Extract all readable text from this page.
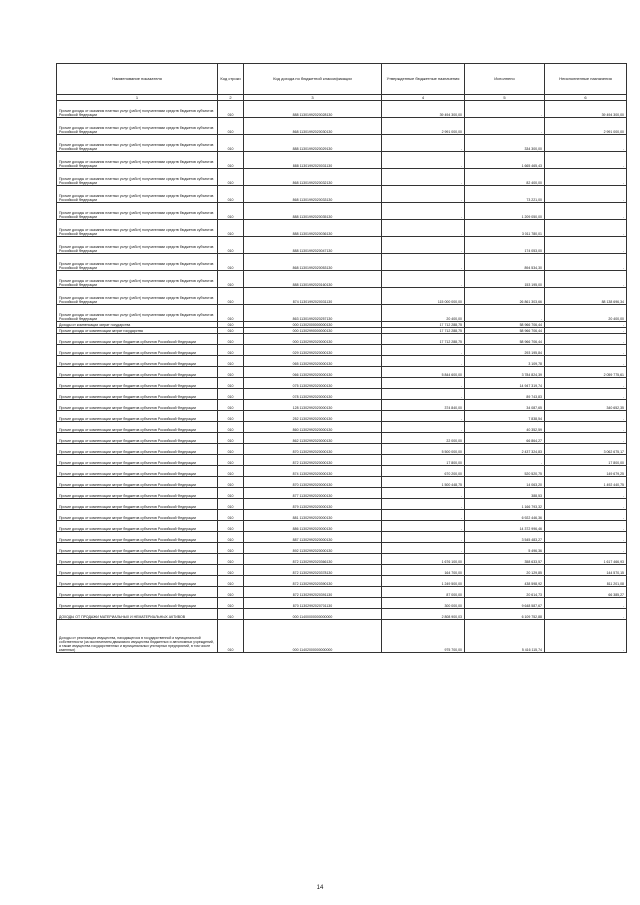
Наименование показателя	Код строки	Код дохода по бюджетной классификации	Утвержденные бюджетные назначения	Исполнено	Неисполненные назначения
1	2	3	4	5	6
Прочие доходы от оказания платных услуг (работ) получателями средств бюджетов субъектов Российской Федерации	010	888 11301992020028130	39 494 300,00	-	39 494 300,00
Прочие доходы от оказания платных услуг (работ) получателями средств бюджетов субъектов Российской Федерации	010	868 11301992020030130	2 991 000,00	-	2 991 000,00
Прочие доходы от оказания платных услуг (работ) получателями средств бюджетов субъектов Российской Федерации	010	888 11301992020029130	-	334 300,00	-
Прочие доходы от оказания платных услуг (работ) получателями средств бюджетов субъектов Российской Федерации	010	888 11301992020031130	-	1 665 465,43	-
Прочие доходы от оказания платных услуг (работ) получателями средств бюджетов субъектов Российской Федерации	010	868 11301992020032130	-	82 400,00	-
Прочие доходы от оказания платных услуг (работ) получателями средств бюджетов субъектов Российской Федерации	010	868 11301992020033130	-	73 221,00	-
Прочие доходы от оказания платных услуг (работ) получателями средств бюджетов субъектов Российской Федерации	010	888 11301992020035130	-	1 209 050,00	-
Прочие доходы от оказания платных услуг (работ) получателями средств бюджетов субъектов Российской Федерации	010	888 11301992020036130	-	3 011 780,01	-
Прочие доходы от оказания платных услуг (работ) получателями средств бюджетов субъектов Российской Федерации	010	888 11301992020047130	-	174 053,00	-
Прочие доходы от оказания платных услуг (работ) получателями средств бюджетов субъектов Российской Федерации	010	868 11301992020053130	-	894 534,30	-
Прочие доходы от оказания платных услуг (работ) получателями средств бюджетов субъектов Российской Федерации	010	888 11301992020160130	-	153 195,00	-
Прочие доходы от оказания платных услуг (работ) получателями средств бюджетов субъектов Российской Федерации	010	874 11301992020031130	115 000 000,00	26 861 303,66	88 138 696,34
Прочие доходы от оказания платных услуг (работ) получателями средств бюджетов субъектов Российской Федерации	010	863 11301992020257130	20 400,00	-	20 400,00
Доходы от компенсации затрат государства	010	000 11302000000000130	17 712 288,75	58 966 706,44	-
Прочие доходы от компенсации затрат государства	010	000 11302990000000130	17 712 288,75	58 966 706,44	-
Прочие доходы от компенсации затрат бюджетов субъектов Российской Федерации	010	000 11302992020000130	17 712 288,75	58 966 706,44	-
Прочие доходы от компенсации затрат бюджетов субъектов Российской Федерации	010	029 11302992020000130	-	293 195,84	-
Прочие доходы от компенсации затрат бюджетов субъектов Российской Федерации	010	065 11302992020000130	-	3 109,78	-
Прочие доходы от компенсации затрат бюджетов субъектов Российской Федерации	010	066 11302992020000130	5 844 600,00	3 784 824,39	2 059 775,61
Прочие доходы от компенсации затрат бюджетов субъектов Российской Федерации	010	075 11302992020000130	-	14 947 319,74	-
Прочие доходы от компенсации затрат бюджетов субъектов Российской Федерации	010	078 11302992020000130	-	89 743,83	-
Прочие доходы от компенсации затрат бюджетов субъектов Российской Федерации	010	128 11302992020000130	374 840,00	34 087,65	340 652,35
Прочие доходы от компенсации затрат бюджетов субъектов Российской Федерации	010	252 11302992020000130	-	7 838,54	-
Прочие доходы от компенсации затрат бюджетов субъектов Российской Федерации	010	860 11302992020000130	-	40 352,59	-
Прочие доходы от компенсации затрат бюджетов субъектов Российской Федерации	010	862 11302992020000130	22 000,00	66 864,27	-
Прочие доходы от компенсации затрат бюджетов субъектов Российской Федерации	010	870 11302992020000130	5 500 000,00	2 437 324,83	3 062 675,17
Прочие доходы от компенсации затрат бюджетов субъектов Российской Федерации	010	872 11302992020000130	17 800,00	-	17 800,00
Прочие доходы от компенсации затрат бюджетов субъектов Российской Федерации	010	874 11302992020000130	670 200,00	520 520,75	149 679,25
Прочие доходы от компенсации затрат бюджетов субъектов Российской Федерации	010	870 11302992020000130	1 500 448,75	14 063,20	1 492 440,75
Прочие доходы от компенсации затрат бюджетов субъектов Российской Федерации	010	877 11302992020000130	-	388,53	-
Прочие доходы от компенсации затрат бюджетов субъектов Российской Федерации	010	879 11302992020000130	-	1 166 793,32	-
Прочие доходы от компенсации затрат бюджетов субъектов Российской Федерации	010	881 11302992020000130	-	6 922 446,36	-
Прочие доходы от компенсации затрат бюджетов субъектов Российской Федерации	010	886 11302992020000130	-	14 372 996,46	-
Прочие доходы от компенсации затрат бюджетов субъектов Российской Федерации	010	887 11302992020000130	-	3 545 483,27	-
Прочие доходы от компенсации затрат бюджетов субъектов Российской Федерации	010	892 11302992020000130	-	5 496,36	-
Прочие доходы от компенсации затрат бюджетов субъектов Российской Федерации	010	872 11302992020366130	1 676 100,00	358 633,57	1 617 466,93
Прочие доходы от компенсации затрат бюджетов субъектов Российской Федерации	010	872 11302992020378130	164 700,00	20 129,85	144 570,15
Прочие доходы от компенсации затрат бюджетов субъектов Российской Федерации	010	872 11302992020390130	1 249 500,00	438 598,92	811 201,08
Прочие доходы от компенсации затрат бюджетов субъектов Российской Федерации	010	872 11302992020391130	87 000,00	20 614,73	66 385,27
Прочие доходы от компенсации затрат бюджетов субъектов Российской Федерации	010	870 11302992020701130	300 000,00	9 648 587,67	-
ДОХОДЫ ОТ ПРОДАЖИ МАТЕРИАЛЬНЫХ И НЕМАТЕРИАЛЬНЫХ АКТИВОВ	010	000 11400000000000000	2 808 900,03	6 109 752,88	-
Доходы от реализации имущества, находящегося в государственной и муниципальной собственности (за исключением движимого имущества бюджетных и автономных учреждений, а также имущества государственных и муниципальных унитарных предприятий, в том числе казенных)	010	000 11402000000000000	975 700,00	5 416 115,74	-
14
